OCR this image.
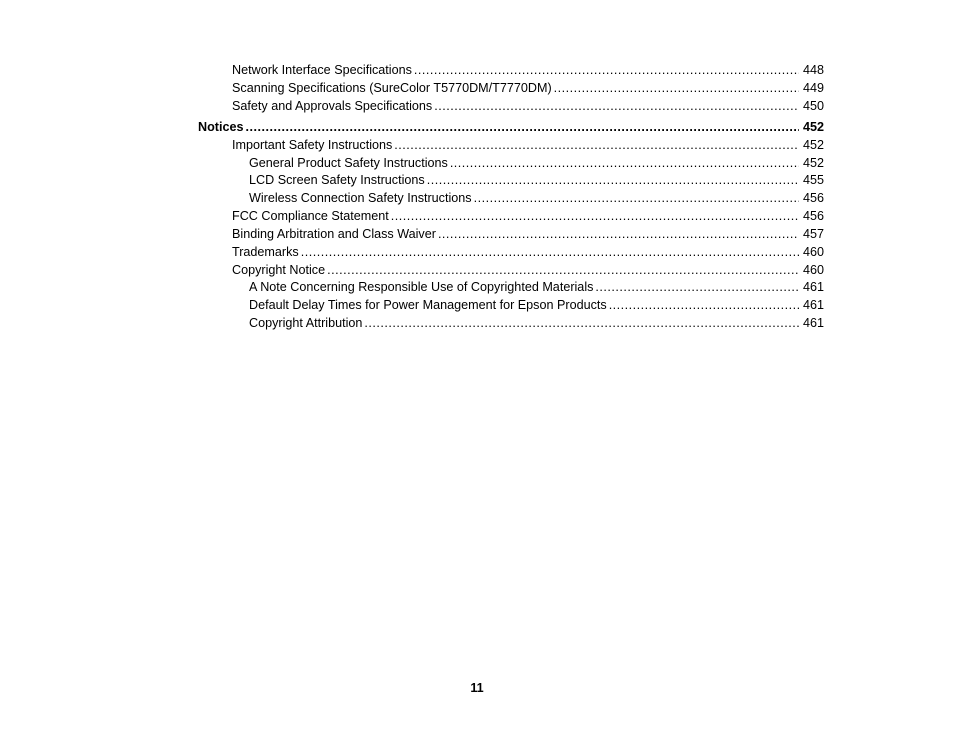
Network Interface Specifications .....	448
Scanning Specifications (SureColor T5770DM/T7770DM) .....	449
Safety and Approvals Specifications .....	450
Notices .....	452
Important Safety Instructions .....	452
General Product Safety Instructions .....	452
LCD Screen Safety Instructions .....	455
Wireless Connection Safety Instructions .....	456
FCC Compliance Statement .....	456
Binding Arbitration and Class Waiver .....	457
Trademarks .....	460
Copyright Notice .....	460
A Note Concerning Responsible Use of Copyrighted Materials .....	461
Default Delay Times for Power Management for Epson Products .....	461
Copyright Attribution .....	461
11
